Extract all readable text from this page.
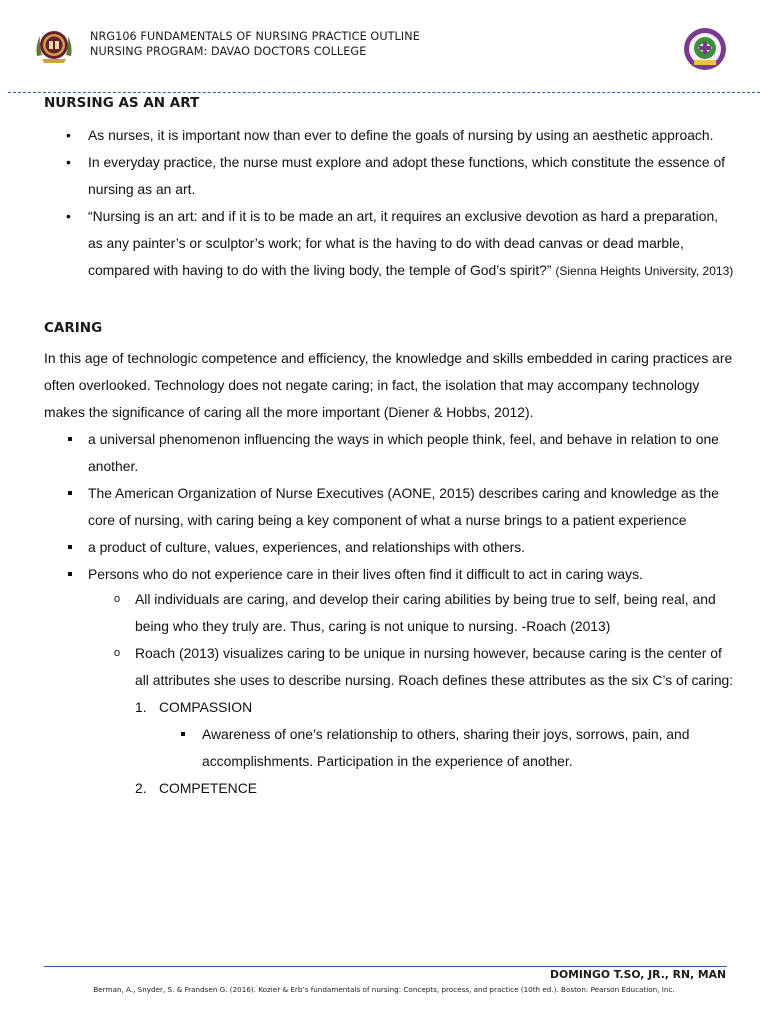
NRG106 FUNDAMENTALS OF NURSING PRACTICE OUTLINE
NURSING PROGRAM: DAVAO DOCTORS COLLEGE
NURSING AS AN ART
• As nurses, it is important now than ever to define the goals of nursing by using an aesthetic approach.
• In everyday practice, the nurse must explore and adopt these functions, which constitute the essence of nursing as an art.
• “Nursing is an art: and if it is to be made an art, it requires an exclusive devotion as hard a preparation, as any painter’s or sculptor’s work; for what is the having to do with dead canvas or dead marble, compared with having to do with the living body, the temple of God’s spirit?” (Sienna Heights University, 2013)
CARING

In this age of technologic competence and efficiency, the knowledge and skills embedded in caring practices are often overlooked. Technology does not negate caring; in fact, the isolation that may accompany technology makes the significance of caring all the more important (Diener & Hobbs, 2012).

a universal phenomenon influencing the ways in which people think, feel, and behave in relation to one another.
The American Organization of Nurse Executives (AONE, 2015) describes caring and knowledge as the core of nursing, with caring being a key component of what a nurse brings to a patient experience
a product of culture, values, experiences, and relationships with others.
Persons who do not experience care in their lives often find it difficult to act in caring ways.
o All individuals are caring, and develop their caring abilities by being true to self, being real, and being who they truly are. Thus, caring is not unique to nursing. -Roach (2013)
o Roach (2013) visualizes caring to be unique in nursing however, because caring is the center of all attributes she uses to describe nursing. Roach defines these attributes as the six C’s of caring:
1. COMPASSION
Awareness of one’s relationship to others, sharing their joys, sorrows, pain, and accomplishments. Participation in the experience of another.
2. COMPETENCE
DOMINGO T.SO, JR., RN, MAN
Berman, A., Snyder, S. & Frandsen G. (2016). Kozier & Erb’s fundamentals of nursing: Concepts, process, and practice (10th ed.). Boston: Pearson Education, Inc.
